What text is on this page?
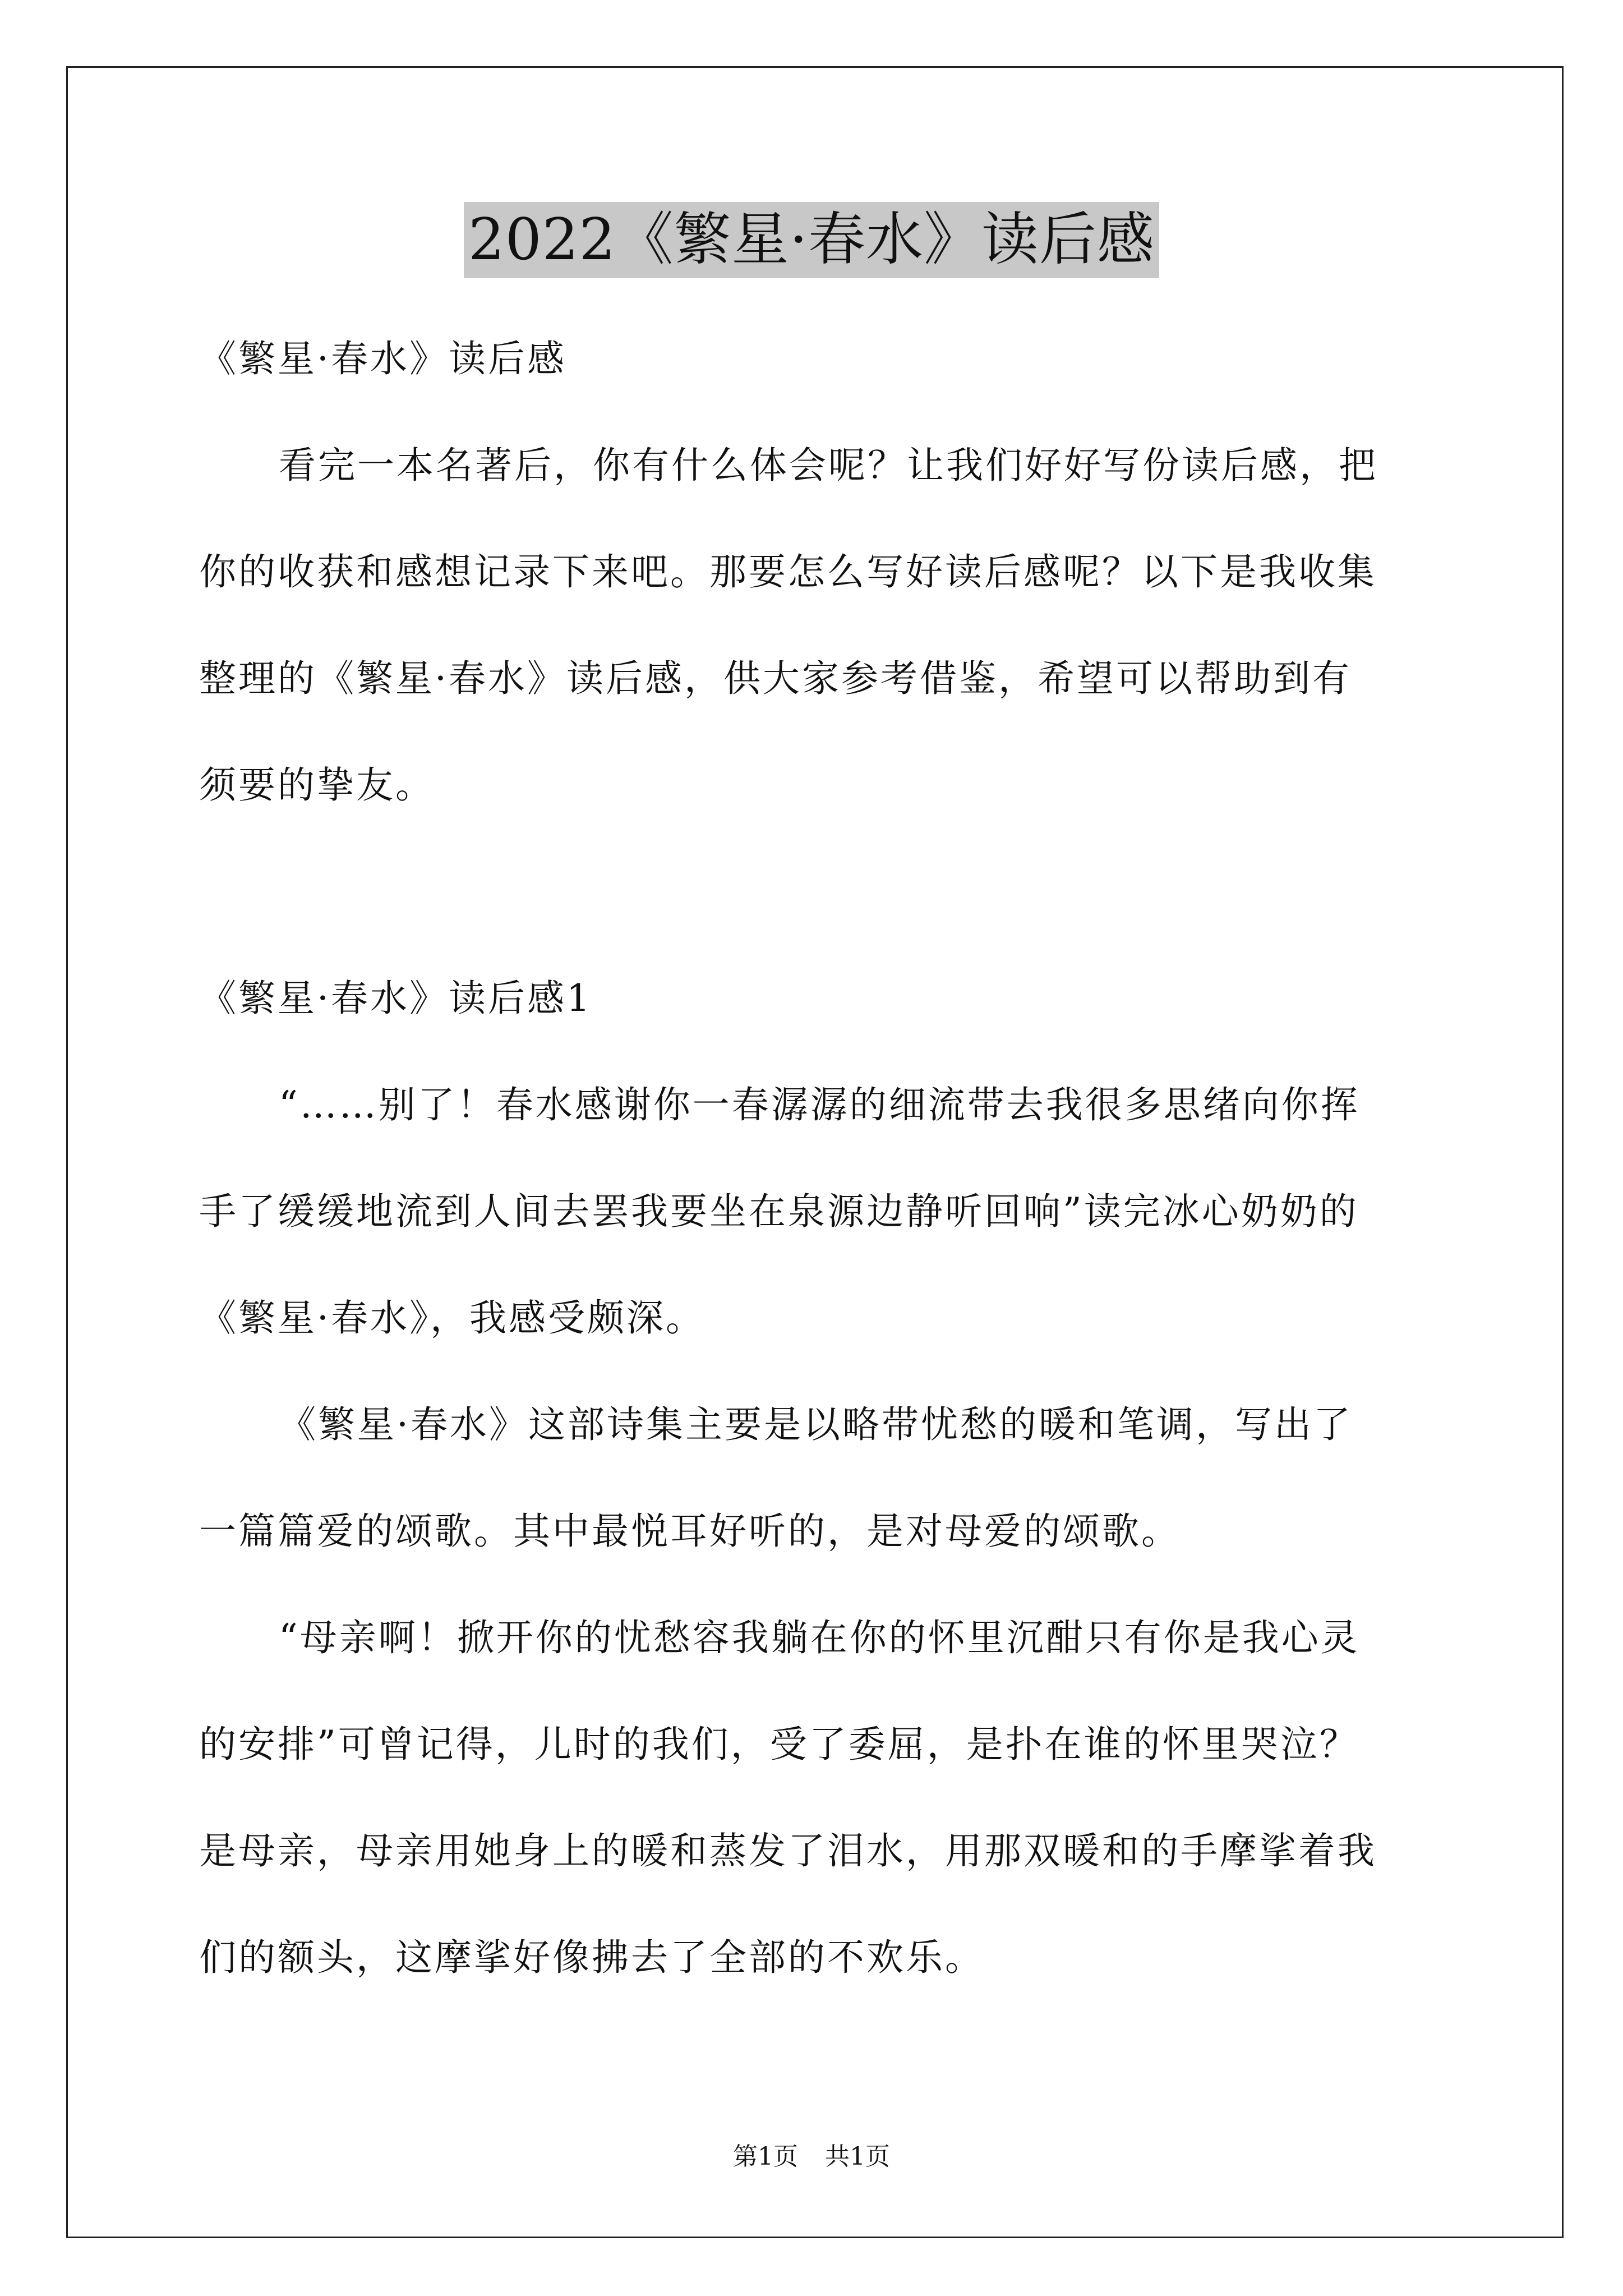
2022《繁星·春水》读后感
《繁星·春水》读后感
看完一本名著后，你有什么体会呢？让我们好好写份读后感，把
你的收获和感想记录下来吧。那要怎么写好读后感呢？以下是我收集
整理的《繁星·春水》读后感，供大家参考借鉴，希望可以帮助到有
须要的挚友。
《繁星·春水》读后感1
“……别了！春水感谢你一春潺潺的细流带去我很多思绪向你挥
手了缓缓地流到人间去罢我要坐在泉源边静听回响”读完冰心奶奶的
《繁星·春水》，我感受颇深。
《繁星·春水》这部诗集主要是以略带忧愁的暖和笔调，写出了
一篇篇爱的颂歌。其中最悦耳好听的，是对母爱的颂歌。
“母亲啊！掀开你的忧愁容我躺在你的怀里沉酣只有你是我心灵
的安排”可曾记得，儿时的我们，受了委屈，是扑在谁的怀里哭泣？
是母亲，母亲用她身上的暖和蒸发了泪水，用那双暖和的手摩挲着我
们的额头，这摩挲好像拂去了全部的不欢乐。
第1页 共1页
